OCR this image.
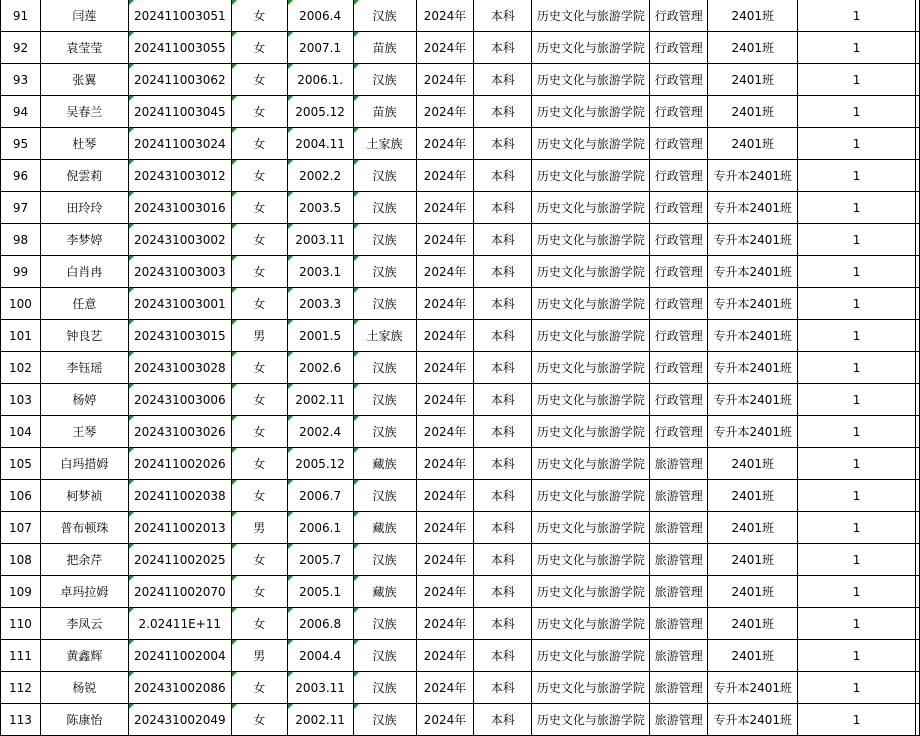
91	闫莲	202411003051	女	2006.4	汉族	2024年	本科	历史文化与旅游学院	行政管理	2401班	1	
92	袁莹莹	202411003055	女	2007.1	苗族	2024年	本科	历史文化与旅游学院	行政管理	2401班	1	
93	张翼	202411003062	女	2006.1.	汉族	2024年	本科	历史文化与旅游学院	行政管理	2401班	1	
94	吴春兰	202411003045	女	2005.12	苗族	2024年	本科	历史文化与旅游学院	行政管理	2401班	1	
95	杜琴	202411003024	女	2004.11	土家族	2024年	本科	历史文化与旅游学院	行政管理	2401班	1	
96	倪雲莉	202431003012	女	2002.2	汉族	2024年	本科	历史文化与旅游学院	行政管理	专升本2401班	1	
97	田玲玲	202431003016	女	2003.5	汉族	2024年	本科	历史文化与旅游学院	行政管理	专升本2401班	1	
98	李梦婷	202431003002	女	2003.11	汉族	2024年	本科	历史文化与旅游学院	行政管理	专升本2401班	1	
99	白肖冉	202431003003	女	2003.1	汉族	2024年	本科	历史文化与旅游学院	行政管理	专升本2401班	1	
100	任意	202431003001	女	2003.3	汉族	2024年	本科	历史文化与旅游学院	行政管理	专升本2401班	1	
101	钟良艺	202431003015	男	2001.5	土家族	2024年	本科	历史文化与旅游学院	行政管理	专升本2401班	1	
102	李钰瑶	202431003028	女	2002.6	汉族	2024年	本科	历史文化与旅游学院	行政管理	专升本2401班	1	
103	杨婷	202431003006	女	2002.11	汉族	2024年	本科	历史文化与旅游学院	行政管理	专升本2401班	1	
104	王琴	202431003026	女	2002.4	汉族	2024年	本科	历史文化与旅游学院	行政管理	专升本2401班	1	
105	白玛措姆	202411002026	女	2005.12	藏族	2024年	本科	历史文化与旅游学院	旅游管理	2401班	1	
106	柯梦祯	202411002038	女	2006.7	汉族	2024年	本科	历史文化与旅游学院	旅游管理	2401班	1	
107	普布顿珠	202411002013	男	2006.1	藏族	2024年	本科	历史文化与旅游学院	旅游管理	2401班	1	
108	把余芹	202411002025	女	2005.7	汉族	2024年	本科	历史文化与旅游学院	旅游管理	2401班	1	
109	卓玛拉姆	202411002070	女	2005.1	藏族	2024年	本科	历史文化与旅游学院	旅游管理	2401班	1	
110	李凤云	2.02411E+11	女	2006.8	汉族	2024年	本科	历史文化与旅游学院	旅游管理	2401班	1	
111	黄鑫辉	202411002004	男	2004.4	汉族	2024年	本科	历史文化与旅游学院	旅游管理	2401班	1	
112	杨锐	202431002086	女	2003.11	汉族	2024年	本科	历史文化与旅游学院	旅游管理	专升本2401班	1	
113	陈康怡	202431002049	女	2002.11	汉族	2024年	本科	历史文化与旅游学院	旅游管理	专升本2401班	1	
